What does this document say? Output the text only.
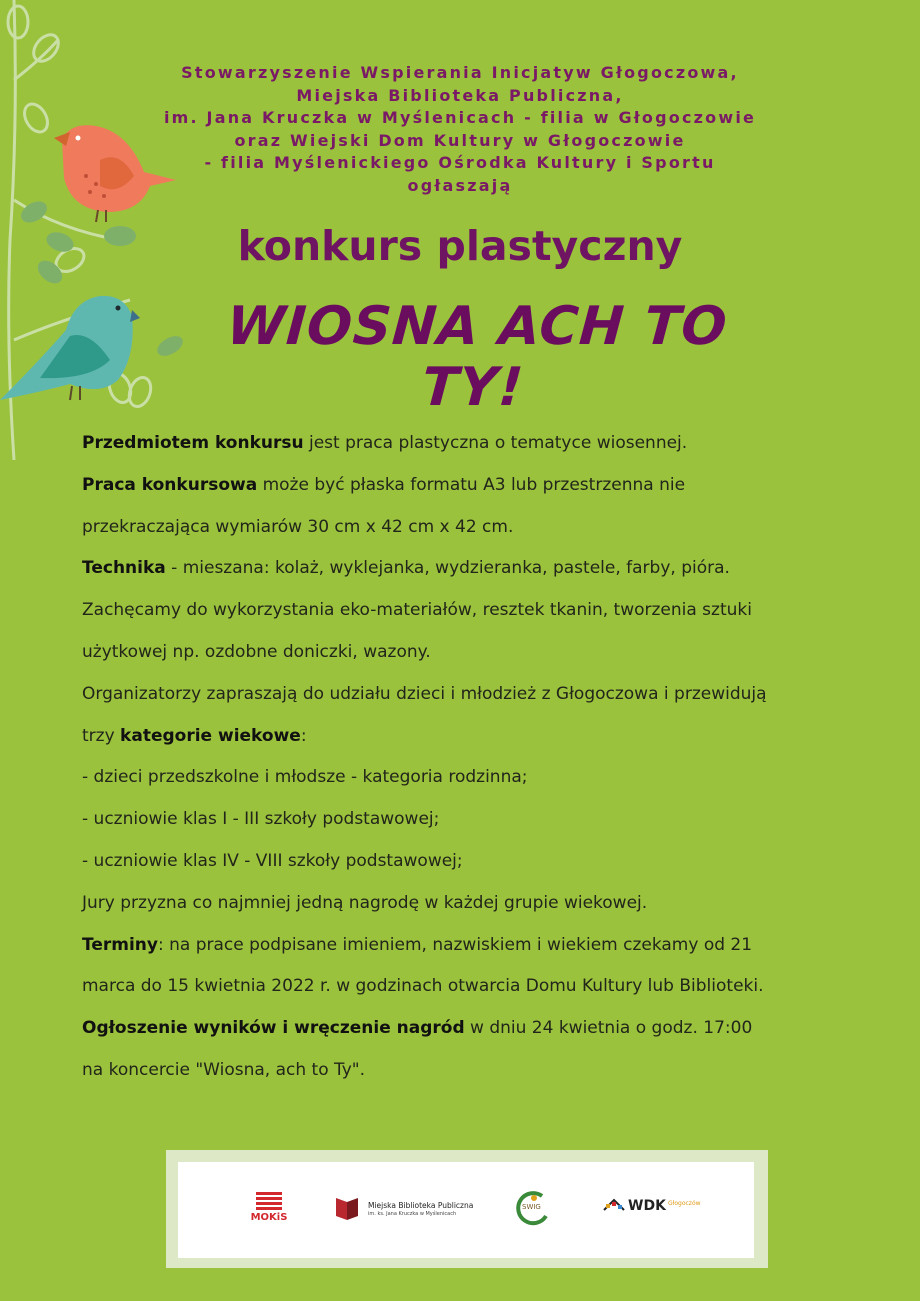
Stowarzyszenie Wspierania Inicjatyw Głogoczowa,
Miejska Biblioteka Publiczna,
im. Jana Kruczka w Myślenicach - filia w Głogoczowie
oraz Wiejski Dom Kultury w Głogoczowie
- filia Myślenickiego Ośrodka Kultury i Sportu
ogłaszają
konkurs plastyczny
WIOSNA ACH TO TY!

Przedmiotem konkursu jest praca plastyczna o tematyce wiosennej.

Praca konkursowa może być płaska formatu A3 lub przestrzenna nie

przekraczająca wymiarów 30 cm x 42 cm x 42 cm.

Technika - mieszana: kolaż, wyklejanka, wydzieranka, pastele, farby, pióra.

Zachęcamy do wykorzystania eko-materiałów, resztek tkanin, tworzenia sztuki

użytkowej np. ozdobne doniczki, wazony.

Organizatorzy zapraszają do udziału dzieci i młodzież z Głogoczowa i przewidują

trzy kategorie wiekowe:

- dzieci przedszkolne i młodsze - kategoria rodzinna;

- uczniowie klas I - III szkoły podstawowej;

- uczniowie klas IV - VIII szkoły podstawowej;

Jury przyzna co najmniej jedną nagrodę w każdej grupie wiekowej.

Terminy: na prace podpisane imieniem, nazwiskiem i wiekiem czekamy od 21

marca do 15 kwietnia 2022 r. w godzinach otwarcia Domu Kultury lub Biblioteki.

Ogłoszenie wyników i wręczenie nagród w dniu 24 kwietnia o godz. 17:00

na koncercie "Wiosna, ach to Ty".

MOKiS
Miejska Biblioteka Publiczna
im. ks. Jana Kruczka w Myślenicach
SWIG	WDK Głogoczów
